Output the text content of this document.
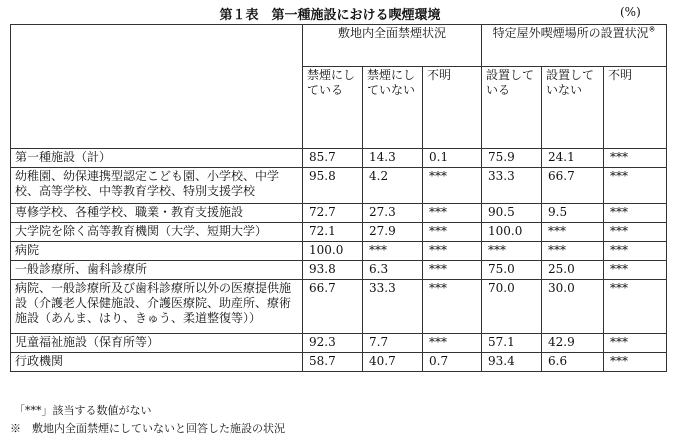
第１表　第一種施設における喫煙環境	(%)
	敷地内全面禁煙状況			特定屋外喫煙場所の設置状況※
	禁煙にしている	禁煙にしていない	不明	設置している	設置していない	不明
第一種施設（計）	85.7	14.3	0.1	75.9	24.1	***
幼稚園、幼保連携型認定こども園、小学校、中学校、高等学校、中等教育学校、特別支援学校	95.8	4.2	***	33.3	66.7	***
専修学校、各種学校、職業・教育支援施設	72.7	27.3	***	90.5	9.5	***
大学院を除く高等教育機関（大学、短期大学）	72.1	27.9	***	100.0	***	***
病院	100.0	***	***	***	***	***
一般診療所、歯科診療所	93.8	6.3	***	75.0	25.0	***
病院、一般診療所及び歯科診療所以外の医療提供施設（介護老人保健施設、介護医療院、助産所、療術施設（あんま、はり、きゅう、柔道整復等））	66.7	33.3	***	70.0	30.0	***
児童福祉施設（保育所等）	92.3	7.7	***	57.1	42.9	***
行政機関	58.7	40.7	0.7	93.4	6.6	***
「***」該当する数値がない
※　敷地内全面禁煙にしていないと回答した施設の状況
